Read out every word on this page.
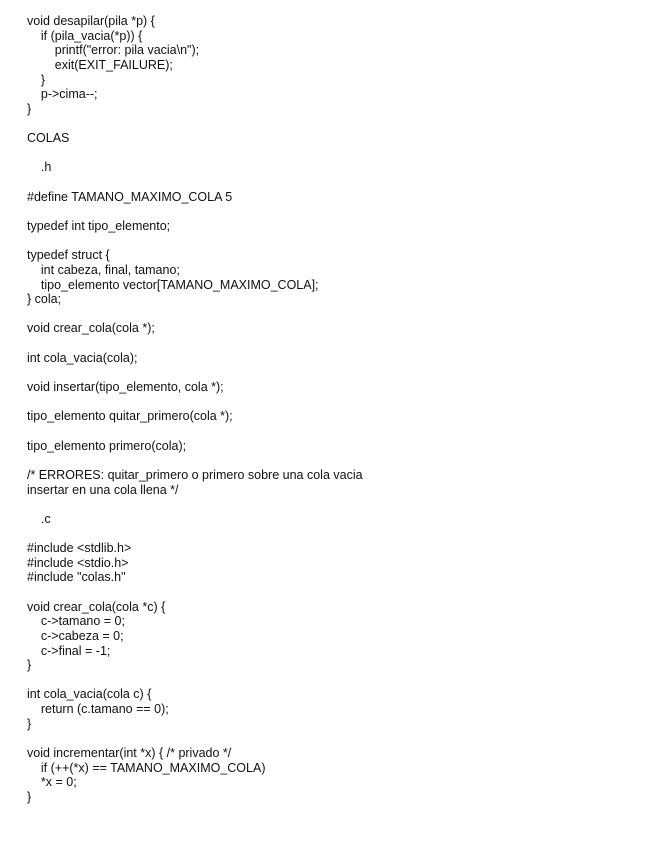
void desapilar(pila *p) {
if (pila_vacia(*p)) {
printf("error: pila vacia\n");
exit(EXIT_FAILURE);
}
p->cima--;
}

COLAS

.h

#define TAMANO_MAXIMO_COLA 5

typedef int tipo_elemento;

typedef struct {
int cabeza, final, tamano;
tipo_elemento vector[TAMANO_MAXIMO_COLA];
} cola;

void crear_cola(cola *);

int cola_vacia(cola);

void insertar(tipo_elemento, cola *);

tipo_elemento quitar_primero(cola *);

tipo_elemento primero(cola);

/* ERRORES: quitar_primero o primero sobre una cola vacia
insertar en una cola llena */

.c

#include <stdlib.h>
#include <stdio.h>
#include "colas.h"

void crear_cola(cola *c) {
c->tamano = 0;
c->cabeza = 0;
c->final = -1;
}

int cola_vacia(cola c) {
return (c.tamano == 0);
}

void incrementar(int *x) { /* privado */
if (++(*x) == TAMANO_MAXIMO_COLA)
*x = 0;
}
